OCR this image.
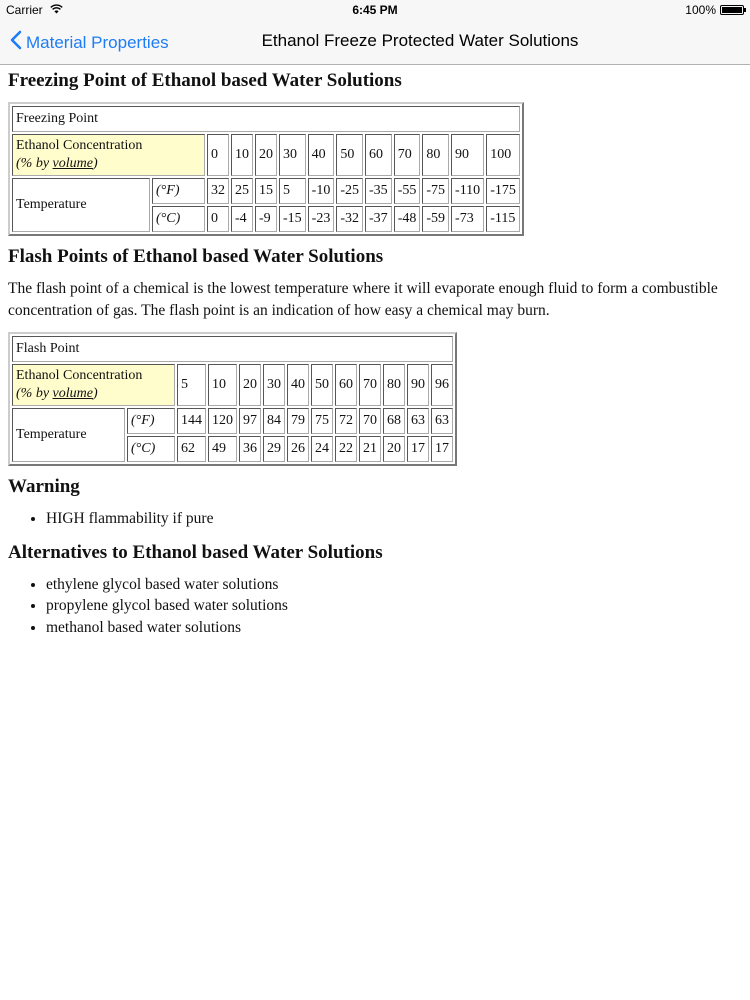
Carrier	6:45 PM	100%
Material Properties	Ethanol Freeze Protected Water Solutions
Freezing Point of Ethanol based Water Solutions
Freezing Point												
Ethanol Concentration
(% by volume)		0	10	20	30	40	50	60	70	80	90	100
Temperature	(°F)	32	25	15	5	-10	-25	-35	-55	-75	-110	-175
	(°C)	0	-4	-9	-15	-23	-32	-37	-48	-59	-73	-115
Flash Points of Ethanol based Water Solutions

The flash point of a chemical is the lowest temperature where it will evaporate enough fluid to form a combustible concentration of gas. The flash point is an indication of how easy a chemical may burn.

Flash Point												
Ethanol Concentration
(% by volume)		5	10	20	30	40	50	60	70	80	90	96
Temperature	(°F)	144	120	97	84	79	75	72	70	68	63	63
	(°C)	62	49	36	29	26	24	22	21	20	17	17
Warning
• HIGH flammability if pure
Alternatives to Ethanol based Water Solutions
• ethylene glycol based water solutions
• propylene glycol based water solutions
• methanol based water solutions
